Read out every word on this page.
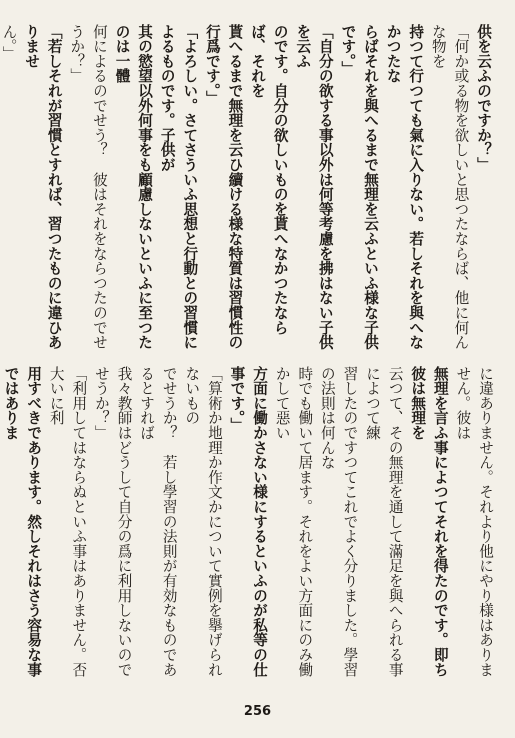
供を云ふのですか？」
「何か或る物を欲しいと思つたならば、他に何んな物を
持つて行つても氣に入りない。若しそれを與へなかつたな
らばそれを與へるまで無理を云ふといふ様な子供です。」
「自分の欲する事以外は何等考慮を拂はない子供を云ふ
のです。自分の欲しいものを貰へなかつたならば、それを
貰へるまで無理を云ひ續ける様な特質は習慣性の行爲です。」
「よろしい。さてさういふ思想と行動との習慣によるものです。子供が
其の慾望以外何事をも顧慮しないといふに至つたのは一體
何によるのでせう？　彼はそれをならつたのでせうか？」
「若しそれが習慣とすれば、習つたものに違ひありませ
ん。」
に違ありません。それより他にやり様はありません。彼は
無理を言ふ事によつてそれを得たのです。即ち彼は無理を
云つて、その無理を通して滿足を與へられる事によつて練
習したのですつてこれでよく分りました。學習の法則は何んな
時でも働いて居ます。それをよい方面にのみ働かして惡い
方面に働かさない様にするといふのが私等の仕事です。」
「算術か地理か作文かについて實例を擧げられないもの
でせうか？　若し學習の法則が有効なものであるとすれば
我々教師はどうして自分の爲に利用しないのでせうか？」
「利用してはならぬといふ事はありません。否大いに利
用すべきであります。然しそれはさう容易な事ではありま
256
